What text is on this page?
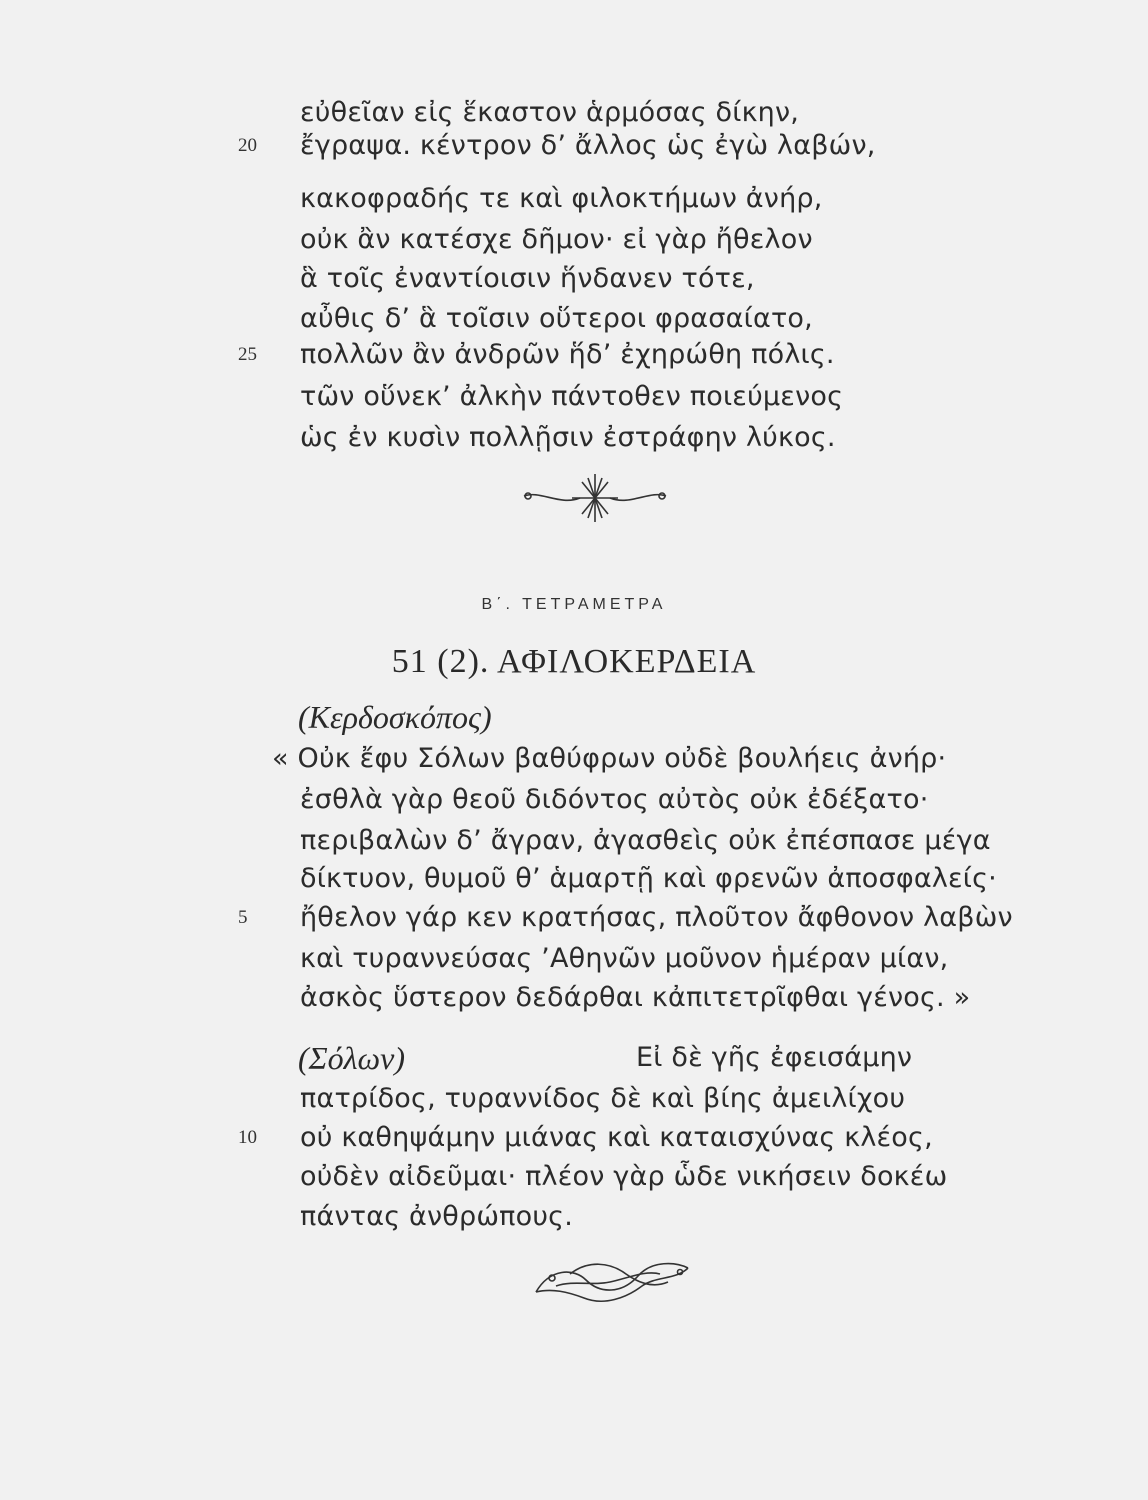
εὐθεῖαν εἰς ἕκαστον ἁρμόσας δίκην,
20	ἔγραψα. κέντρον δ’ ἄλλος ὡς ἐγὼ λαβών,
κακοφραδής τε καὶ φιλοκτήμων ἀνήρ,
οὐκ ἂν κατέσχε δῆμον· εἰ γὰρ ἤθελον
ἃ τοῖς ἐναντίοισιν ἥνδανεν τότε,
αὖθις δ’ ἃ τοῖσιν οὕτεροι φρασαίατο,
25	πολλῶν ἂν ἀνδρῶν ἥδ’ ἐχηρώθη πόλις.
τῶν οὕνεκ’ ἀλκὴν πάντοθεν ποιεύμενος
ὡς ἐν κυσὶν πολλῇσιν ἐστράφην λύκος.
Β΄. ΤΕΤΡΑΜΕΤΡΑ
51 (2). ΑΦΙΛΟΚΕΡΔΕΙΑ
(Κερδοσκόπος)
« Οὐκ ἔφυ Σόλων βαθύφρων οὐδὲ βουλήεις ἀνήρ·
ἐσθλὰ γὰρ θεοῦ διδόντος αὐτὸς οὐκ ἐδέξατο·
περιβαλὼν δ’ ἄγραν, ἀγασθεὶς οὐκ ἐπέσπασε μέγα
δίκτυον, θυμοῦ θ’ ἁμαρτῇ καὶ φρενῶν ἀποσφαλείς·
5	ἤθελον γάρ κεν κρατήσας, πλοῦτον ἄφθονον λαβὼν
καὶ τυραννεύσας ’Αθηνῶν μοῦνον ἡμέραν μίαν,
ἀσκὸς ὕστερον δεδάρθαι κἀπιτετρῖφθαι γένος. »
(Σόλων)	Εἰ δὲ γῆς ἐφεισάμην
πατρίδος, τυραννίδος δὲ καὶ βίης ἀμειλίχου
10	οὐ καθηψάμην μιάνας καὶ καταισχύνας κλέος,
οὐδὲν αἰδεῦμαι· πλέον γὰρ ὧδε νικήσειν δοκέω
πάντας ἀνθρώπους.
